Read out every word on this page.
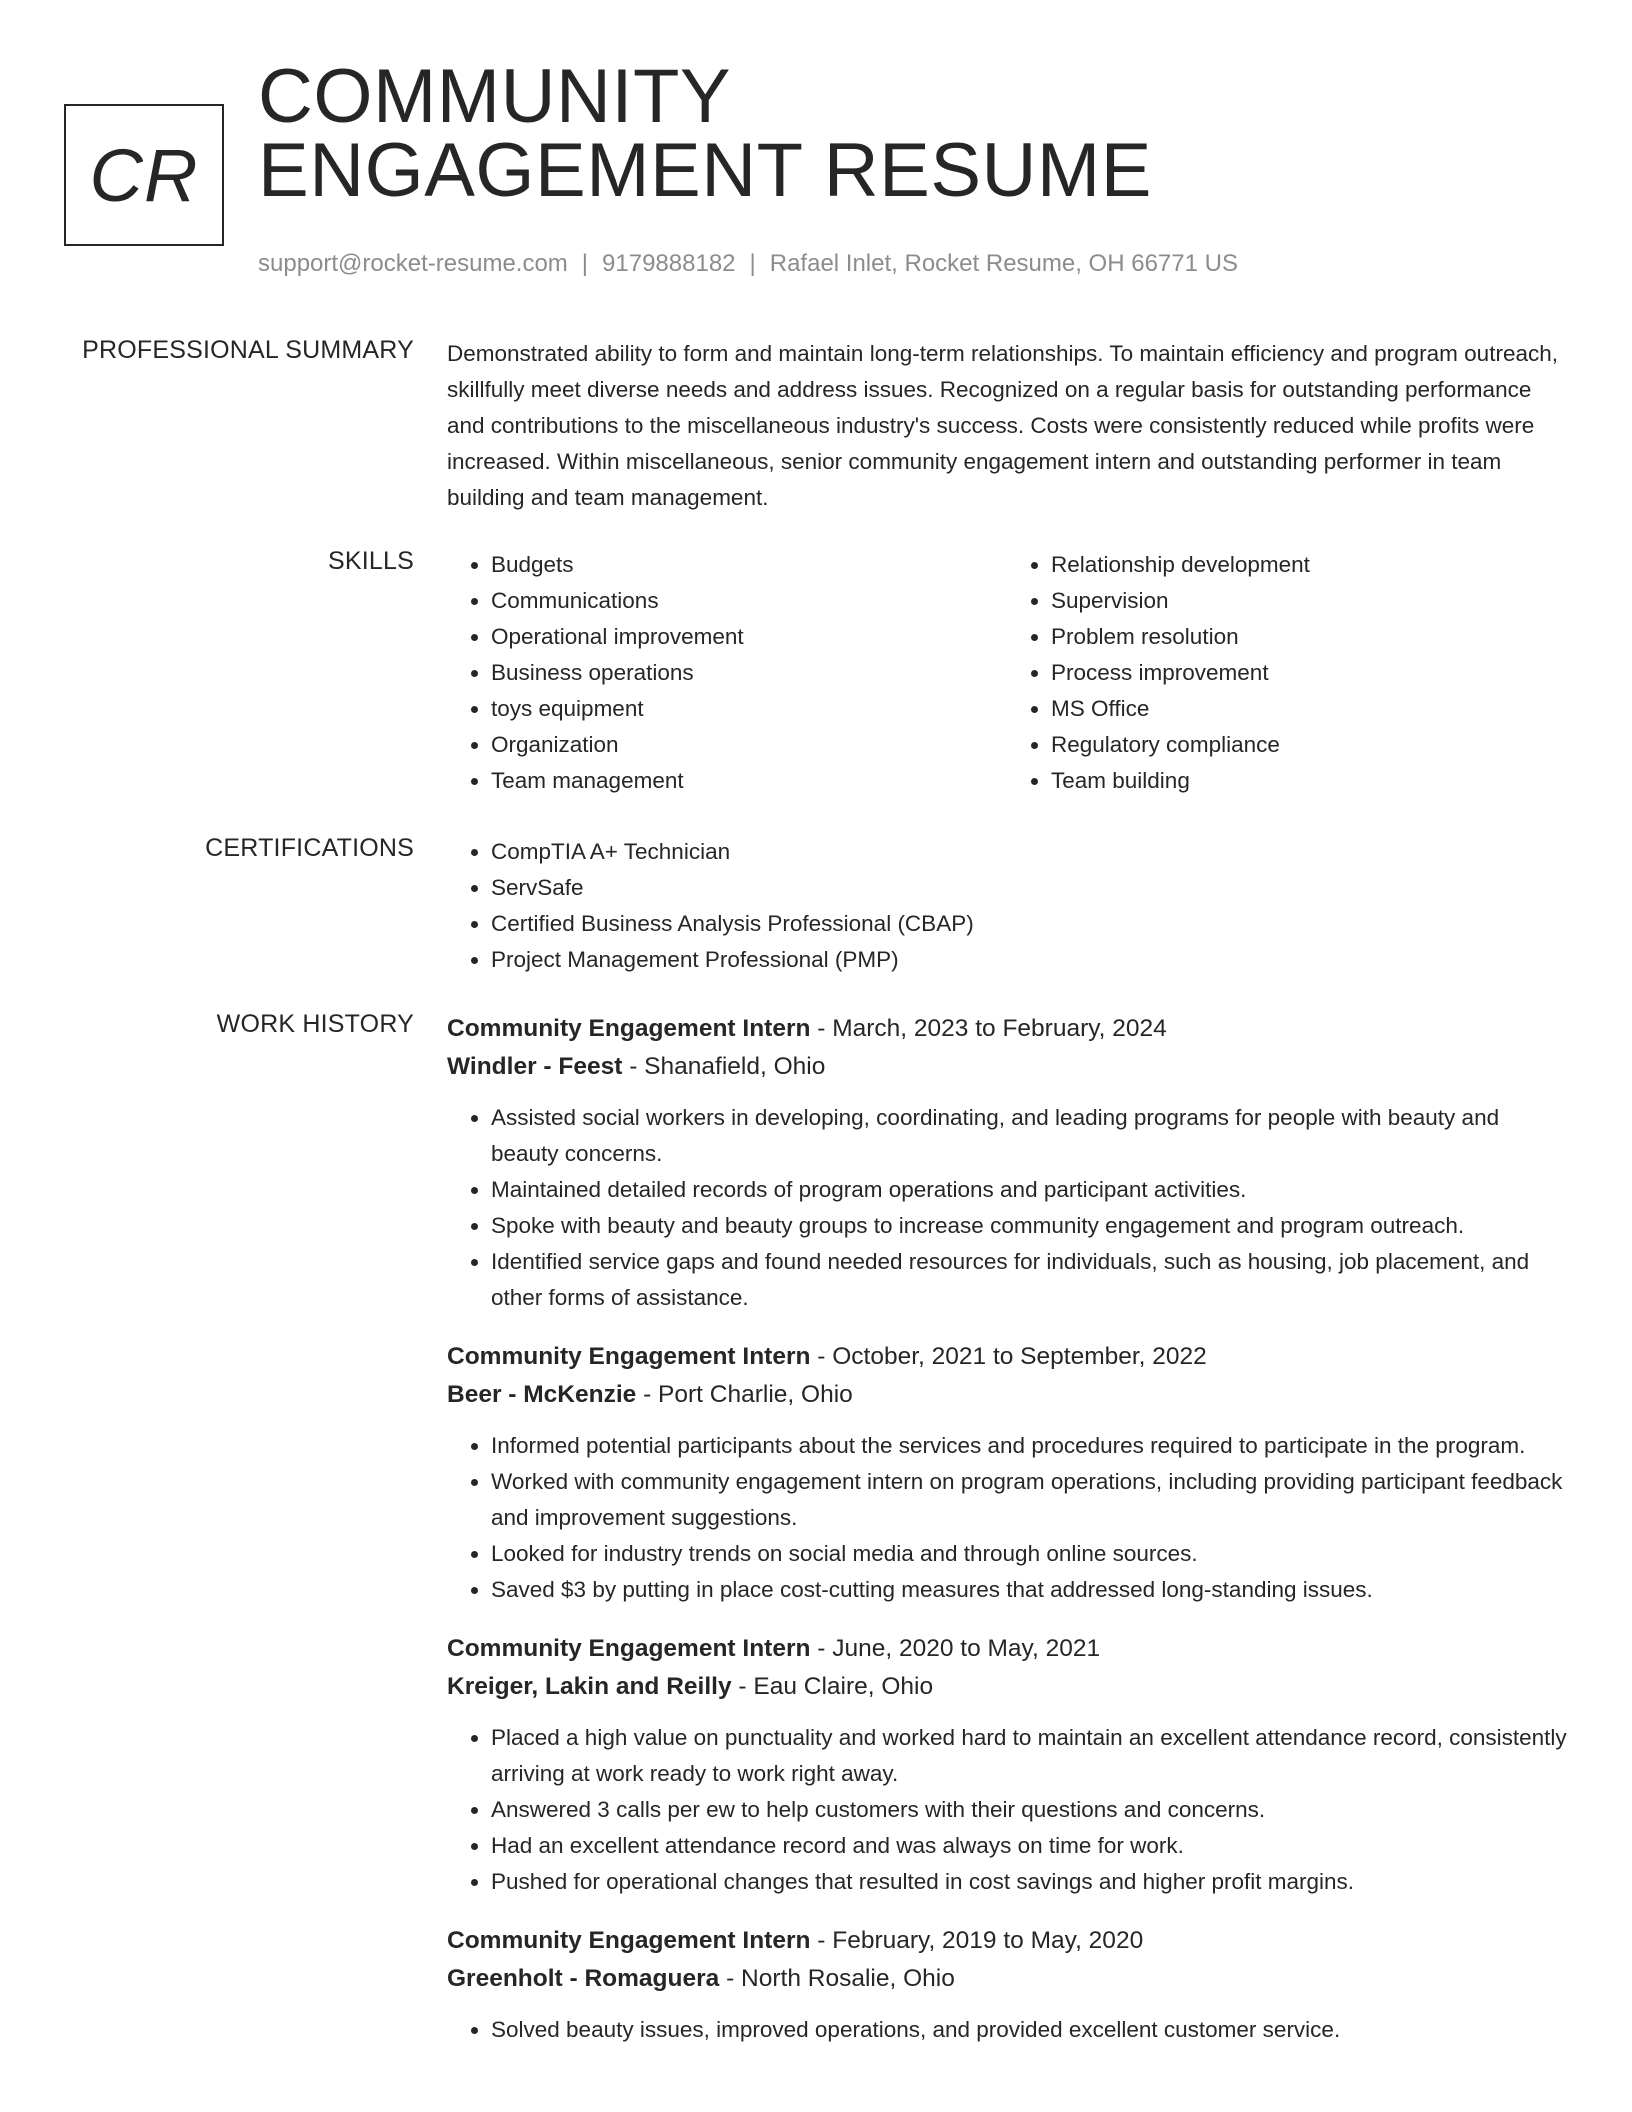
CR
COMMUNITY
ENGAGEMENT RESUME
support@rocket-resume.com | 9179888182 | Rafael Inlet, Rocket Resume, OH 66771 US
PROFESSIONAL SUMMARY Demonstrated ability to form and maintain long-term relationships. To maintain efficiency and program outreach, skillfully meet diverse needs and address issues. Recognized on a regular basis for outstanding performance and contributions to the miscellaneous industry's success. Costs were consistently reduced while profits were increased. Within miscellaneous, senior community engagement intern and outstanding performer in team building and team management.

SKILLS	• Budgets
• Communications
• Operational improvement
• Business operations
• toys equipment
• Organization
• Team management
• Relationship development
• Supervision
• Problem resolution
• Process improvement
• MS Office
• Regulatory compliance
• Team building
CERTIFICATIONS	• CompTIA A+ Technician
• ServSafe
• Certified Business Analysis Professional (CBAP)
• Project Management Professional (PMP)
WORK HISTORY Community Engagement Intern - March, 2023 to February, 2024
Windler - Feest - Shanafield, Ohio
• Assisted social workers in developing, coordinating, and leading programs for people with beauty and beauty concerns.
• Maintained detailed records of program operations and participant activities.
• Spoke with beauty and beauty groups to increase community engagement and program outreach.
• Identified service gaps and found needed resources for individuals, such as housing, job placement, and other forms of assistance.
Community Engagement Intern - October, 2021 to September, 2022
Beer - McKenzie - Port Charlie, Ohio
• Informed potential participants about the services and procedures required to participate in the program.
• Worked with community engagement intern on program operations, including providing participant feedback and improvement suggestions.
• Looked for industry trends on social media and through online sources.
• Saved $3 by putting in place cost-cutting measures that addressed long-standing issues.
Community Engagement Intern - June, 2020 to May, 2021
Kreiger, Lakin and Reilly - Eau Claire, Ohio
• Placed a high value on punctuality and worked hard to maintain an excellent attendance record, consistently arriving at work ready to work right away.
• Answered 3 calls per ew to help customers with their questions and concerns.
• Had an excellent attendance record and was always on time for work.
• Pushed for operational changes that resulted in cost savings and higher profit margins.
Community Engagement Intern - February, 2019 to May, 2020
Greenholt - Romaguera - North Rosalie, Ohio
• Solved beauty issues, improved operations, and provided excellent customer service.
